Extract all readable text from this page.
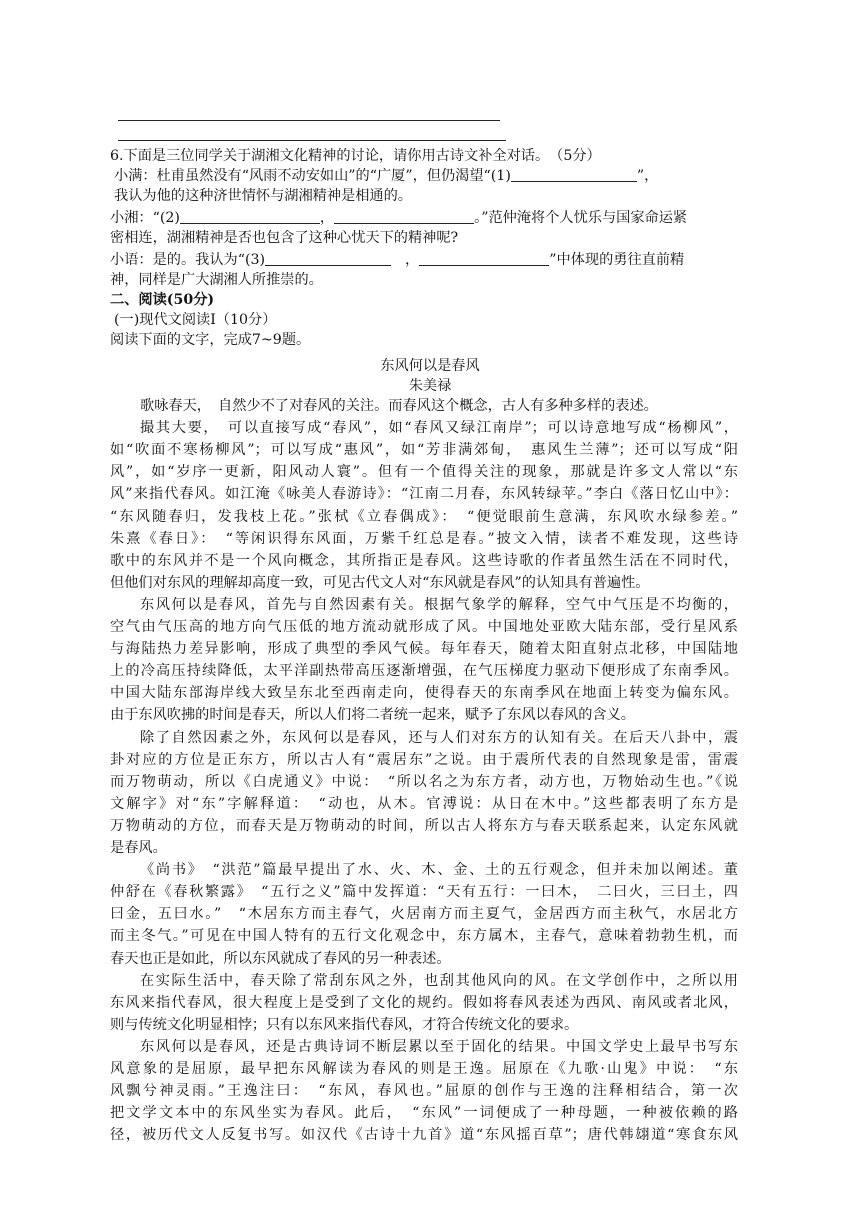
6.下面是三位同学关于湖湘文化精神的讨论，请你用古诗文补全对话。　（5分）
小满：杜甫虽然没有“风雨不动安如山”的“广厦”，但仍渴望“(1)	”，
我认为他的这种济世情怀与湖湘精神是相通的。
小湘：“(2)	，	。”范仲淹将个人忧乐与国家命运紧
密相连，湖湘精神是否也包含了这种心忧天下的精神呢?
小语：是的。我认为“(3)	，	”中体现的勇往直前精
神，同样是广大湖湘人所推崇的。
二、阅读(50分)
(一)现代文阅读Ⅰ（10分）
阅读下面的文字，完成7~9题。
东风何以是春风
朱美禄
歌咏春天，　自然少不了对春风的关注。而春风这个概念，古人有多种多样的表述。
撮其大要，　可以直接写成“春风”，如“春风又绿江南岸”；可以诗意地写成“杨柳风”，
如“吹面不寒杨柳风”；可以写成“惠风”，如“芳非满郊甸，　惠风生兰薄”；还可以写成“阳
风”，如“岁序一更新，阳风动人寰”。但有一个值得关注的现象，那就是许多文人常以“东
风”来指代春风。如江淹《咏美人春游诗》：“江南二月春，东风转绿苹。”李白《落日忆山中》：
“东风随春归，发我枝上花。”张栻《立春偶成》：　“便觉眼前生意满，东风吹水绿参差。”
朱熹《春日》：　“等闲识得东风面，万紫千红总是春。”披文入情，读者不难发现，这些诗
歌中的东风并不是一个风向概念，其所指正是春风。这些诗歌的作者虽然生活在不同时代，
但他们对东风的理解却高度一致，可见古代文人对“东风就是春风”的认知具有普遍性。
东风何以是春风，首先与自然因素有关。根据气象学的解释，空气中气压是不均衡的，
空气由气压高的地方向气压低的地方流动就形成了风。中国地处亚欧大陆东部，受行星风系
与海陆热力差异影响，形成了典型的季风气候。每年春天，随着太阳直射点北移，中国陆地
上的冷高压持续降低，太平洋副热带高压逐渐增强，在气压梯度力驱动下便形成了东南季风。
中国大陆东部海岸线大致呈东北至西南走向，使得春天的东南季风在地面上转变为偏东风。
由于东风吹拂的时间是春天，所以人们将二者统一起来，赋予了东风以春风的含义。
除了自然因素之外，东风何以是春风，还与人们对东方的认知有关。在后天八卦中，震
卦对应的方位是正东方，所以古人有“震居东”之说。由于震所代表的自然现象是雷，雷震
而万物萌动，所以《白虎通义》中说：　“所以名之为东方者，动方也，万物始动生也。”《说
文解字》对“东”字解释道：　“动也，从木。官溥说：从日在木中。”这些都表明了东方是
万物萌动的方位，而春天是万物萌动的时间，所以古人将东方与春天联系起来，认定东风就
是春风。
《尚书》　“洪范”篇最早提出了水、火、木、金、土的五行观念，但并未加以阐述。董
仲舒在《春秋繁露》　“五行之义”篇中发挥道：“天有五行：一曰木，　二曰火，三曰土，四
曰金，五曰水。”　“木居东方而主春气，火居南方而主夏气，金居西方而主秋气，水居北方
而主冬气。”可见在中国人特有的五行文化观念中，东方属木，主春气，意味着勃勃生机，而
春天也正是如此，所以东风就成了春风的另一种表述。
在实际生活中，春天除了常刮东风之外，也刮其他风向的风。在文学创作中，之所以用
东风来指代春风，很大程度上是受到了文化的规约。假如将春风表述为西风、南风或者北风，
则与传统文化明显相悖；只有以东风来指代春风，才符合传统文化的要求。
东风何以是春风，还是古典诗词不断层累以至于固化的结果。中国文学史上最早书写东
风意象的是屈原，最早把东风解读为春风的则是王逸。屈原在《九歌·山鬼》中说：　“东
风飘兮神灵雨。”王逸注曰：　“东风，春风也。”屈原的创作与王逸的注释相结合，第一次
把文学文本中的东风坐实为春风。此后，　“东风”一词便成了一种母题，一种被依赖的路
径，被历代文人反复书写。如汉代《古诗十九首》道“东风摇百草”；唐代韩翃道“寒食东风
